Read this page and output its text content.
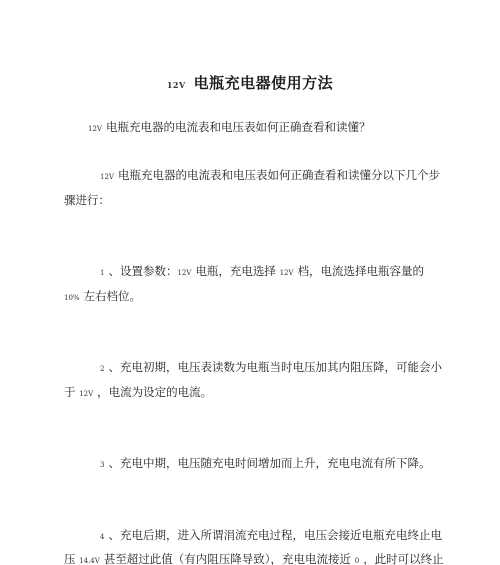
12V 电瓶充电器使用方法
12V 电瓶充电器的电流表和电压表如何正确查看和读懂？
12V 电瓶充电器的电流表和电压表如何正确查看和读懂分以下几个步
骤进行：
1 、设置参数：12V 电瓶，充电选择 12V 档，电流选择电瓶容量的
10% 左右档位。
2 、充电初期，电压表读数为电瓶当时电压加其内阻压降，可能会小
于 12V ，电流为设定的电流。
3 、充电中期，电压随充电时间增加而上升，充电电流有所下降。
4 、充电后期，进入所谓涓流充电过程，电压会接近电瓶充电终止电
压 14.4V 甚至超过此值（有内阻压降导致），充电电流接近 0 ，此时可以终止
